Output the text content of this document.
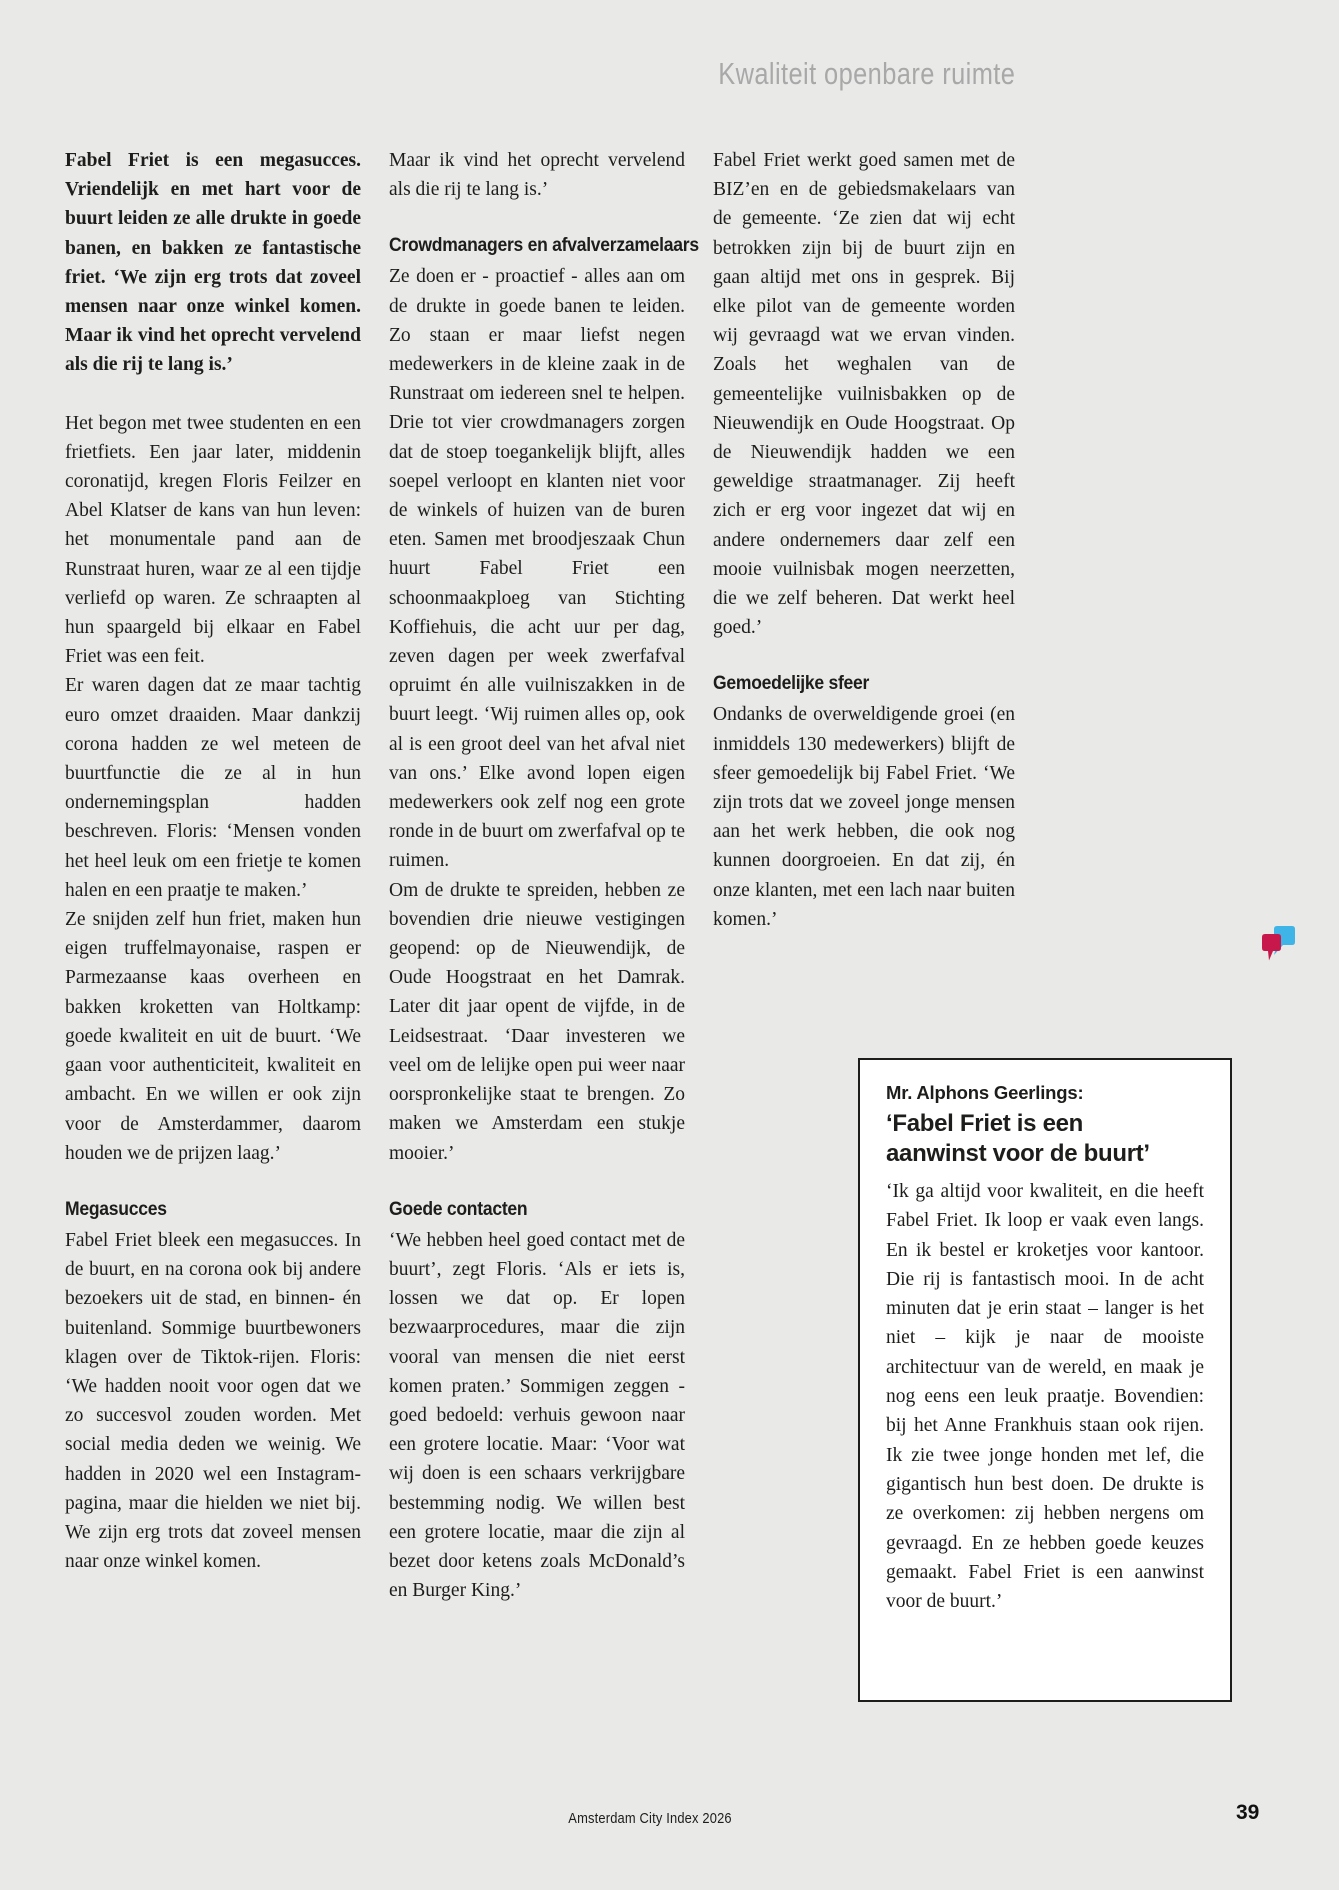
Kwaliteit openbare ruimte

Fabel Friet is een megasucces. Vriendelijk en met hart voor de buurt leiden ze alle drukte in goede banen, en bakken ze fantastische friet. ‘We zijn erg trots dat zoveel mensen naar onze winkel komen. Maar ik vind het oprecht vervelend als die rij te lang is.’

Het begon met twee studenten en een frietfiets. Een jaar later, middenin coronatijd, kregen Floris Feilzer en Abel Klatser de kans van hun leven: het monumentale pand aan de Runstraat huren, waar ze al een tijdje verliefd op waren. Ze schraapten al hun spaargeld bij elkaar en Fabel Friet was een feit.

Er waren dagen dat ze maar tachtig euro omzet draaiden. Maar dankzij corona hadden ze wel meteen de buurtfunctie die ze al in hun ondernemingsplan hadden beschreven. Floris: ‘Mensen vonden het heel leuk om een frietje te komen halen en een praatje te maken.’

Ze snijden zelf hun friet, maken hun eigen truffelmayonaise, raspen er Parmezaanse kaas overheen en bakken kroketten van Holtkamp: goede kwaliteit en uit de buurt. ‘We gaan voor authenticiteit, kwaliteit en ambacht. En we willen er ook zijn voor de Amsterdammer, daarom houden we de prijzen laag.’

Megasucces

Fabel Friet bleek een megasucces. In de buurt, en na corona ook bij andere bezoekers uit de stad, en binnen- én buitenland. Sommige buurtbewoners klagen over de Tiktok-rijen. Floris: ‘We hadden nooit voor ogen dat we zo succesvol zouden worden. Met social media deden we weinig. We hadden in 2020 wel een Instagram-pagina, maar die hielden we niet bij. We zijn erg trots dat zoveel mensen naar onze winkel komen.

Maar ik vind het oprecht vervelend als die rij te lang is.’

Crowdmanagers en afvalverzamelaars

Ze doen er - proactief - alles aan om de drukte in goede banen te leiden. Zo staan er maar liefst negen medewerkers in de kleine zaak in de Runstraat om iedereen snel te helpen. Drie tot vier crowdmanagers zorgen dat de stoep toegankelijk blijft, alles soepel verloopt en klanten niet voor de winkels of huizen van de buren eten. Samen met broodjeszaak Chun huurt Fabel Friet een schoonmaakploeg van Stichting Koffiehuis, die acht uur per dag, zeven dagen per week zwerfafval opruimt én alle vuilniszakken in de buurt leegt. ‘Wij ruimen alles op, ook al is een groot deel van het afval niet van ons.’ Elke avond lopen eigen medewerkers ook zelf nog een grote ronde in de buurt om zwerfafval op te ruimen.

Om de drukte te spreiden, hebben ze bovendien drie nieuwe vestigingen geopend: op de Nieuwendijk, de Oude Hoogstraat en het Damrak. Later dit jaar opent de vijfde, in de Leidsestraat. ‘Daar investeren we veel om de lelijke open pui weer naar oorspronkelijke staat te brengen. Zo maken we Amsterdam een stukje mooier.’

Goede contacten

‘We hebben heel goed contact met de buurt’, zegt Floris. ‘Als er iets is, lossen we dat op. Er lopen bezwaarprocedures, maar die zijn vooral van mensen die niet eerst komen praten.’ Sommigen zeggen - goed bedoeld: verhuis gewoon naar een grotere locatie. Maar: ‘Voor wat wij doen is een schaars verkrijgbare bestemming nodig. We willen best een grotere locatie, maar die zijn al bezet door ketens zoals McDonald’s en Burger King.’

Fabel Friet werkt goed samen met de BIZ’en en de gebiedsmakelaars van de gemeente. ‘Ze zien dat wij echt betrokken zijn bij de buurt zijn en gaan altijd met ons in gesprek. Bij elke pilot van de gemeente worden wij gevraagd wat we ervan vinden. Zoals het weghalen van de gemeentelijke vuilnisbakken op de Nieuwendijk en Oude Hoogstraat. Op de Nieuwendijk hadden we een geweldige straatmanager. Zij heeft zich er erg voor ingezet dat wij en andere ondernemers daar zelf een mooie vuilnisbak mogen neerzetten, die we zelf beheren. Dat werkt heel goed.’

Gemoedelijke sfeer

Ondanks de overweldigende groei (en inmiddels 130 medewerkers) blijft de sfeer gemoedelijk bij Fabel Friet. ‘We zijn trots dat we zoveel jonge mensen aan het werk hebben, die ook nog kunnen doorgroeien. En dat zij, én onze klanten, met een lach naar buiten komen.’

Mr. Alphons Geerlings:

‘Fabel Friet is een
aanwinst voor de buurt’

‘Ik ga altijd voor kwaliteit, en die heeft Fabel Friet. Ik loop er vaak even langs. En ik bestel er kroketjes voor kantoor. Die rij is fantastisch mooi. In de acht minuten dat je erin staat – langer is het niet – kijk je naar de mooiste architectuur van de wereld, en maak je nog eens een leuk praatje. Bovendien: bij het Anne Frankhuis staan ook rijen. Ik zie twee jonge honden met lef, die gigantisch hun best doen. De drukte is ze overkomen: zij hebben nergens om gevraagd. En ze hebben goede keuzes gemaakt. Fabel Friet is een aanwinst voor de buurt.’

Amsterdam City Index 2026	39
